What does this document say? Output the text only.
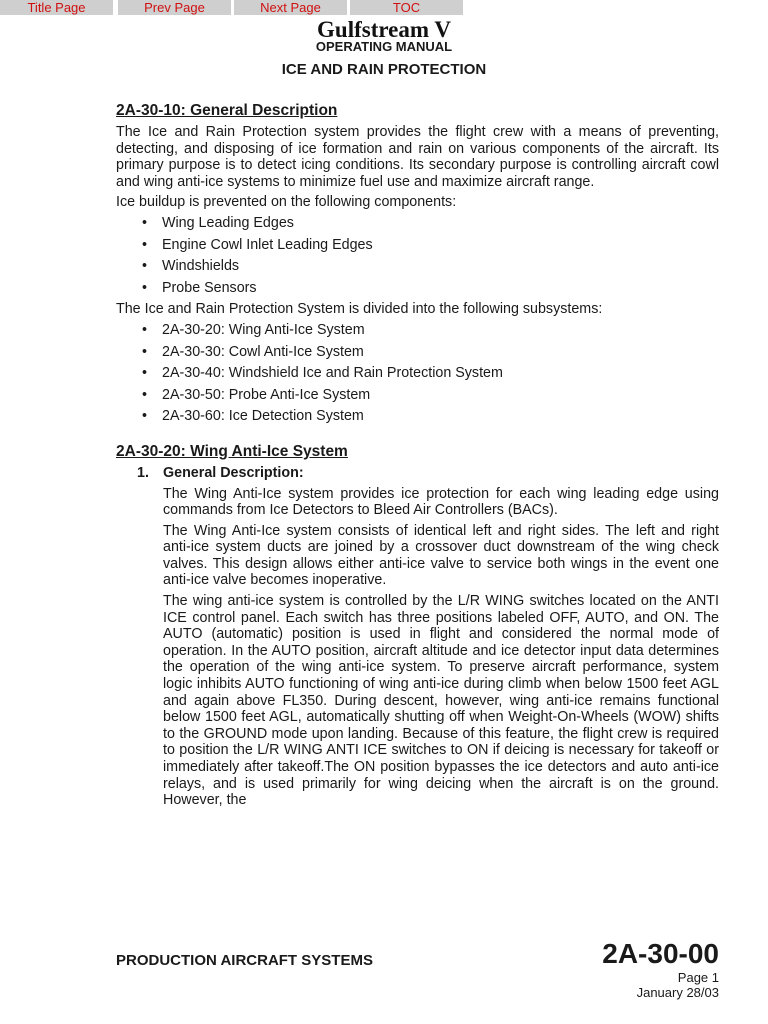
Title Page	Prev Page	Next Page	TOC
Gulfstream V
OPERATING MANUAL
ICE AND RAIN PROTECTION
2A-30-10: General Description
The Ice and Rain Protection system provides the flight crew with a means of preventing, detecting, and disposing of ice formation and rain on various components of the aircraft. Its primary purpose is to detect icing conditions. Its secondary purpose is controlling aircraft cowl and wing anti-ice systems to minimize fuel use and maximize aircraft range.
Ice buildup is prevented on the following components:
• Wing Leading Edges
• Engine Cowl Inlet Leading Edges
• Windshields
• Probe Sensors
The Ice and Rain Protection System is divided into the following subsystems:
• 2A-30-20: Wing Anti-Ice System
• 2A-30-30: Cowl Anti-Ice System
• 2A-30-40: Windshield Ice and Rain Protection System
• 2A-30-50: Probe Anti-Ice System
• 2A-30-60: Ice Detection System
2A-30-20: Wing Anti-Ice System
1. General Description:
The Wing Anti-Ice system provides ice protection for each wing leading edge using commands from Ice Detectors to Bleed Air Controllers (BACs).
The Wing Anti-Ice system consists of identical left and right sides. The left and right anti-ice system ducts are joined by a crossover duct downstream of the wing check valves. This design allows either anti-ice valve to service both wings in the event one anti-ice valve becomes inoperative.
The wing anti-ice system is controlled by the L/R WING switches located on the ANTI ICE control panel. Each switch has three positions labeled OFF, AUTO, and ON. The AUTO (automatic) position is used in flight and considered the normal mode of operation. In the AUTO position, aircraft altitude and ice detector input data determines the operation of the wing anti-ice system. To preserve aircraft performance, system logic inhibits AUTO functioning of wing anti-ice during climb when below 1500 feet AGL and again above FL350. During descent, however, wing anti-ice remains functional below 1500 feet AGL, automatically shutting off when Weight-On-Wheels (WOW) shifts to the GROUND mode upon landing. Because of this feature, the flight crew is required to position the L/R WING ANTI ICE switches to ON if deicing is necessary for takeoff or immediately after takeoff.The ON position bypasses the ice detectors and auto anti-ice relays, and is used primarily for wing deicing when the aircraft is on the ground. However, the
PRODUCTION AIRCRAFT SYSTEMS	2A-30-00
Page 1
January 28/03
